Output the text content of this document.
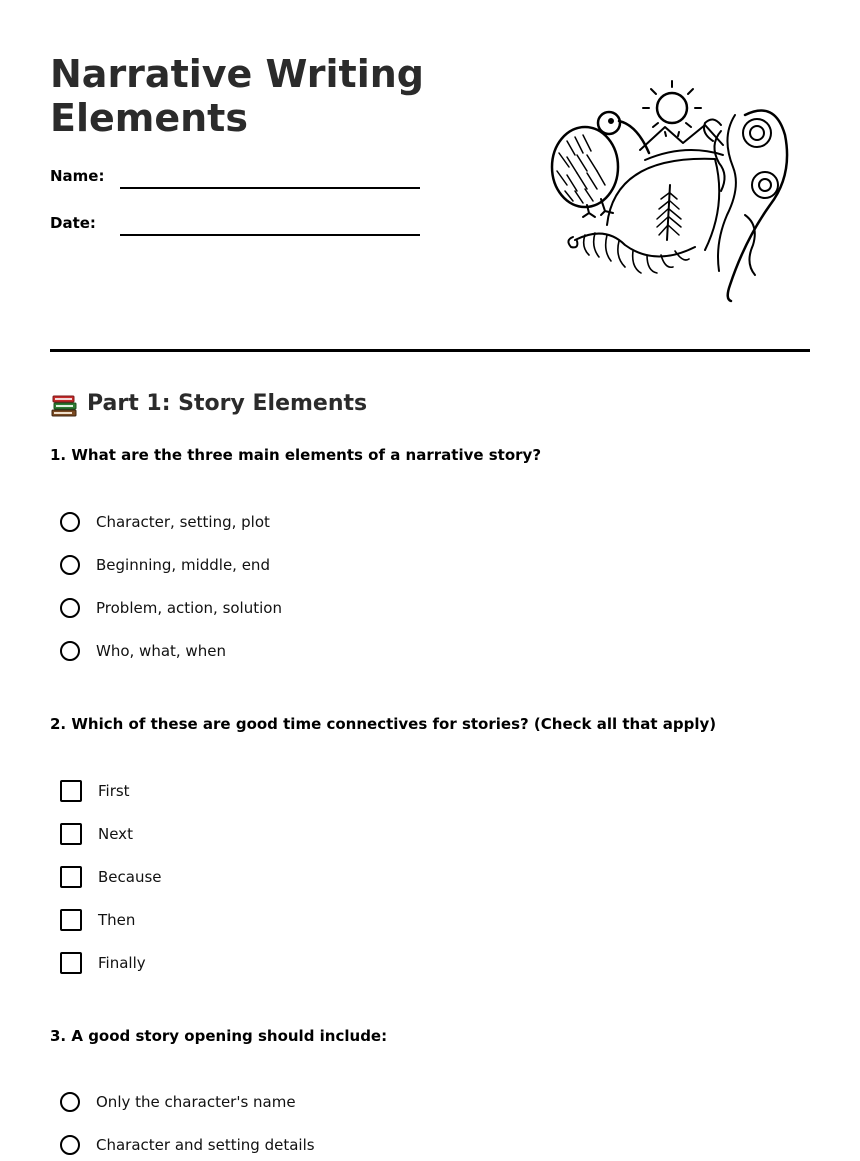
Narrative Writing Elements
Name:
Date:
Part 1: Story Elements

1. What are the three main elements of a narrative story?

Character, setting, plot
Beginning, middle, end
Problem, action, solution
Who, what, when

2. Which of these are good time connectives for stories? (Check all that apply)

First
Next
Because
Then
Finally

3. A good story opening should include:

Only the character's name
Character and setting details
